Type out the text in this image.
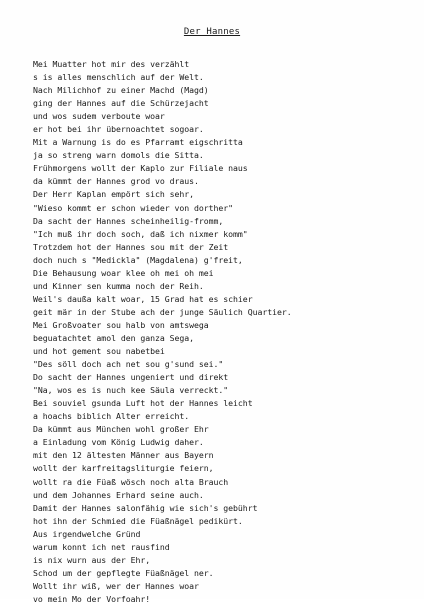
Der Hannes
Mei Muatter hot mir des verzählt
s is alles menschlich auf der Welt.
Nach Milichhof zu einer Machd (Magd)
ging der Hannes auf die Schürzejacht
und wos sudem verboute woar
er hot bei ihr übernoachtet sogoar.
Mit a Warnung is do es Pfarramt eigschritta
ja so streng warn domols die Sitta.
Frühmorgens wollt der Kaplo zur Filiale naus
da kümmt der Hannes grod vo draus.
Der Herr Kaplan empört sich sehr,
"Wieso kommt er schon wieder von dorther"
Da sacht der Hannes scheinheilig-fromm,
"Ich muß ihr doch soch, daß ich nixmer komm"
Trotzdem hot der Hannes sou mit der Zeit
doch nuch s "Medickla" (Magdalena) g'freit,
Die Behausung woar klee oh mei oh mei
und Kinner sen kumma noch der Reih.
Weil's daußa kalt woar, 15 Grad hat es schier
geit mär in der Stube ach der junge Säulich Quartier.
Mei Großvoater sou halb von amtswega
beguatachtet amol den ganza Sega,
und hot gement sou nabetbei
"Des söll doch ach net sou g'sund sei."
Do sacht der Hannes ungeniert und direkt
"Na, wos es is nuch kee Säula verreckt."
Bei souviel gsunda Luft hot der Hannes leicht
a hoachs biblich Alter erreicht.
Da kümmt aus München wohl großer Ehr
a Einladung vom König Ludwig daher.
mit den 12 ältesten Männer aus Bayern
wollt der karfreitagsliturgie feiern,
wollt ra die Füaß wösch noch alta Brauch
und dem Johannes Erhard seine auch.
Damit der Hannes salonfähig wie sich's gebührt
hot ihn der Schmied die Füaßnägel pedikürt.
Aus irgendwelche Gründ
warum konnt ich net rausfind
is nix wurn aus der Ehr,
Schod um der gepflegte Füaßnägel ner.
Wollt ihr wiß, wer der Hannes woar
vo mein Mo der Vorfoahr!
